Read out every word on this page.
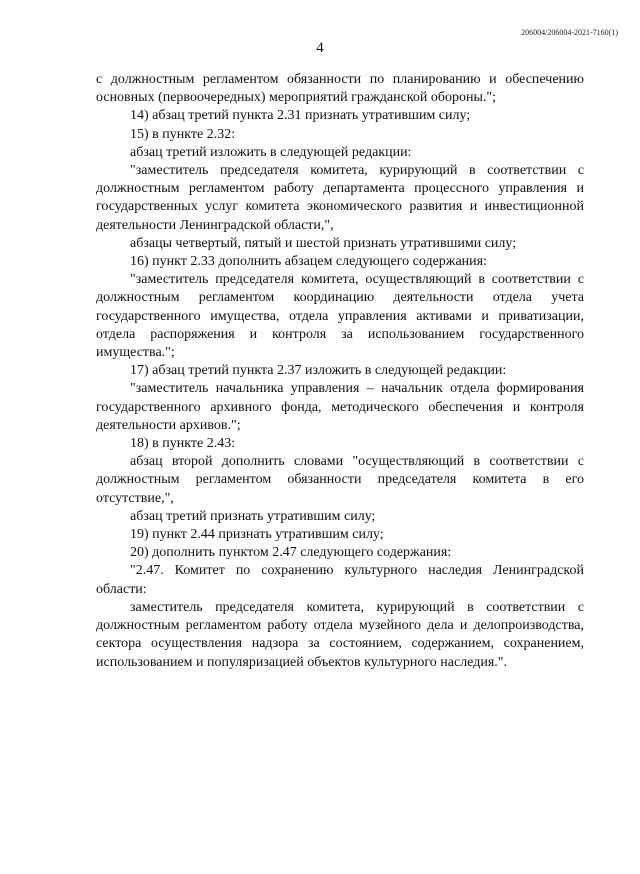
206004/206004-2021-7160(1)
4

с должностным регламентом обязанности по планированию и обеспечению основных (первоочередных) мероприятий гражданской обороны.";

14) абзац третий пункта 2.31 признать утратившим силу;

15) в пункте 2.32:

абзац третий изложить в следующей редакции:

"заместитель председателя комитета, курирующий в соответствии с должностным регламентом работу департамента процессного управления и государственных услуг комитета экономического развития и инвестиционной деятельности Ленинградской области,",

абзацы четвертый, пятый и шестой признать утратившими силу;

16) пункт 2.33 дополнить абзацем следующего содержания:

"заместитель председателя комитета, осуществляющий в соответствии с должностным регламентом координацию деятельности отдела учета государственного имущества, отдела управления активами и приватизации, отдела распоряжения и контроля за использованием государственного имущества.";

17) абзац третий пункта 2.37 изложить в следующей редакции:

"заместитель начальника управления – начальник отдела формирования государственного архивного фонда, методического обеспечения и контроля деятельности архивов.";

18) в пункте 2.43:

абзац второй дополнить словами "осуществляющий в соответствии с должностным регламентом обязанности председателя комитета в его отсутствие,",

абзац третий признать утратившим силу;

19) пункт 2.44 признать утратившим силу;

20) дополнить пунктом 2.47 следующего содержания:

"2.47. Комитет по сохранению культурного наследия Ленинградской области:

заместитель председателя комитета, курирующий в соответствии с должностным регламентом работу отдела музейного дела и делопроизводства, сектора осуществления надзора за состоянием, содержанием, сохранением, использованием и популяризацией объектов культурного наследия.".
